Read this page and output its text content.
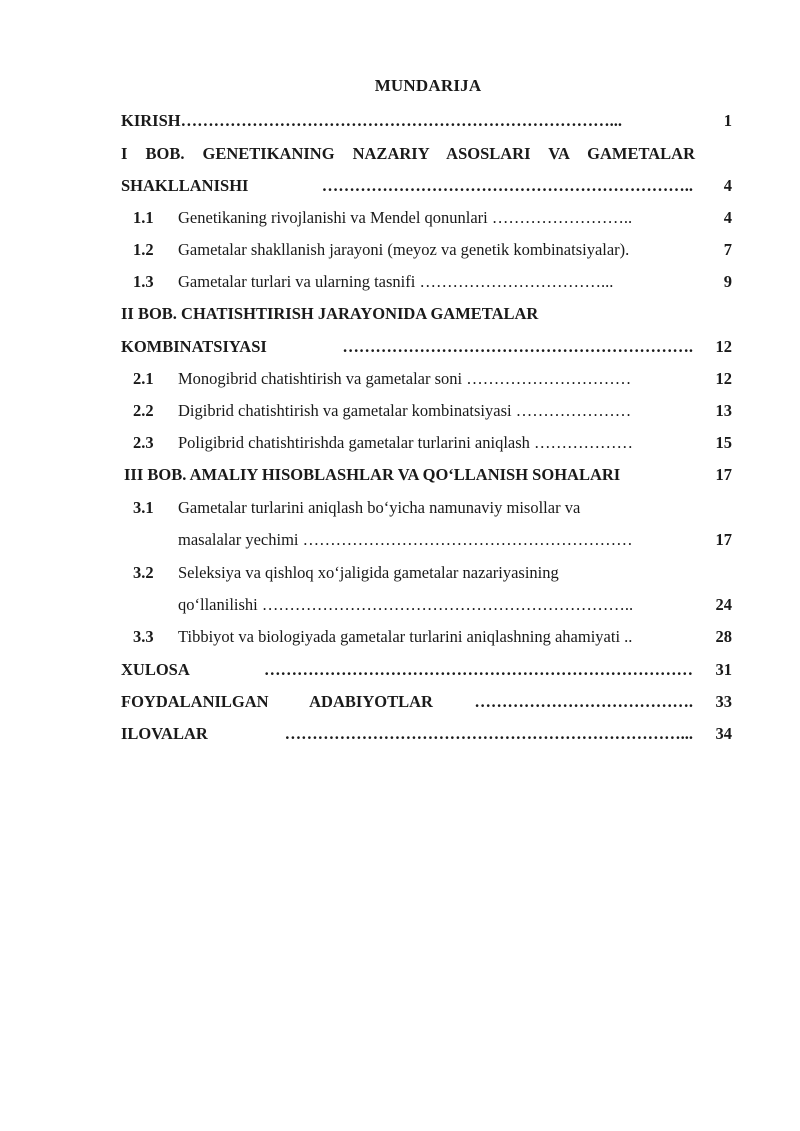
MUNDARIJA
KIRISH……………………………………………………………………...	1
I BOB. GENETIKANING NAZARIY ASOSLARI VA GAMETALAR
SHAKLLANISHI …………………………………………………………..	4
1.1 Genetikaning rivojlanishi va Mendel qonunlari ……………………..	4
1.2 Gametalar shakllanish jarayoni (meyoz va genetik kombinatsiyalar).	7
1.3 Gametalar turlari va ularning tasnifi ……………………………...	9
II BOB. CHATISHTIRISH JARAYONIDA GAMETALAR
KOMBINATSIYASI ……………………………………………………….	12
2.1 Monogibrid chatishtirish va gametalar soni …………………………	12
2.2 Digibrid chatishtirish va gametalar kombinatsiyasi …………………	13
2.3 Poligibrid chatishtirishda gametalar turlarini aniqlash ………………	15
III BOB. AMALIY HISOBLASHLAR VA QO‘LLANISH SOHALARI	17
3.1 Gametalar turlarini aniqlash bo‘yicha namunaviy misollar va
masalalar yechimi ……………………………………………………	17
3.2 Seleksiya va qishloq xo‘jaligida gametalar nazariyasining
qo‘llanilishi …………………………………………………………..	24
3.3 Tibbiyot va biologiyada gametalar turlarini aniqlashning ahamiyati ..	28
XULOSA ……………………………………………………………………	31
FOYDALANILGAN ADABIYOTLAR ………………………………….	33
ILOVALAR ………………………………………………………………...	34
